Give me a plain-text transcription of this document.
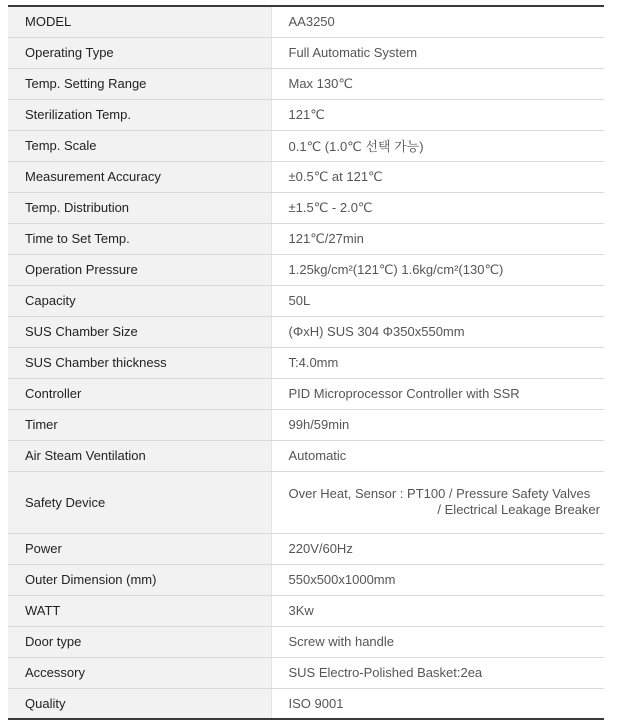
MODEL	AA3250
Operating Type	Full Automatic System
Temp. Setting Range	Max 130℃
Sterilization Temp.	121℃
Temp. Scale	0.1℃ (1.0℃ 선택 가능)
Measurement Accuracy	±0.5℃ at 121℃
Temp. Distribution	±1.5℃ - 2.0℃
Time to Set Temp.	121℃/27min
Operation Pressure	1.25kg/cm²(121℃) 1.6kg/cm²(130℃)
Capacity	50L
SUS Chamber Size	(ΦxH) SUS 304 Φ350x550mm
SUS Chamber thickness	T:4.0mm
Controller	PID Microprocessor Controller with SSR
Timer	99h/59min
Air Steam Ventilation	Automatic
Safety Device	Over Heat, Sensor : PT100 / Pressure Safety Valves
/ Electrical Leakage Breaker

Power	220V/60Hz
Outer Dimension (mm)	550x500x1000mm
WATT	3Kw
Door type	Screw with handle
Accessory	SUS Electro-Polished Basket:2ea
Quality	ISO 9001
